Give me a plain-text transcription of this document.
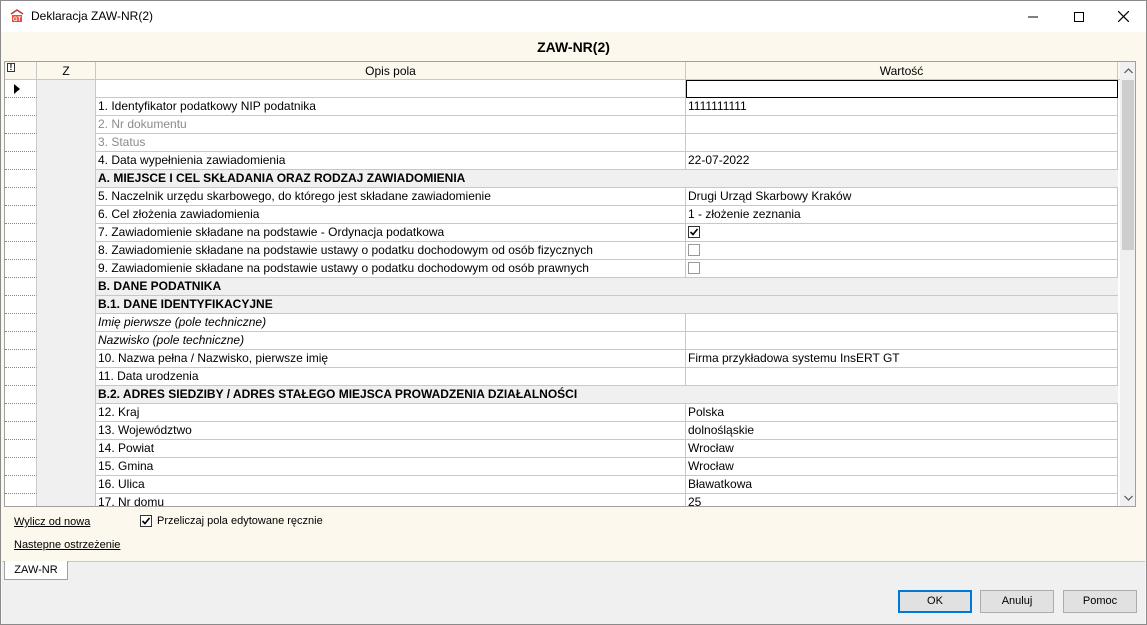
GT Deklaracja ZAW-NR(2)
ZAW-NR(2)
!	Z	Opis pola	Wartość
1. Identyfikator podatkowy NIP podatnika	1111111111
2. Nr dokumentu
3. Status
4. Data wypełnienia zawiadomienia	22-07-2022
A. MIEJSCE I CEL SKŁADANIA ORAZ RODZAJ ZAWIADOMIENIA
5. Naczelnik urzędu skarbowego, do którego jest składane zawiadomienie	Drugi Urząd Skarbowy Kraków
6. Cel złożenia zawiadomienia	1 - złożenie zeznania
7. Zawiadomienie składane na podstawie - Ordynacja podatkowa
8. Zawiadomienie składane na podstawie ustawy o podatku dochodowym od osób fizycznych
9. Zawiadomienie składane na podstawie ustawy o podatku dochodowym od osób prawnych
B. DANE PODATNIKA
B.1. DANE IDENTYFIKACYJNE
Imię pierwsze (pole techniczne)
Nazwisko (pole techniczne)
10. Nazwa pełna / Nazwisko, pierwsze imię	Firma przykładowa systemu InsERT GT
11. Data urodzenia
B.2. ADRES SIEDZIBY / ADRES STAŁEGO MIEJSCA PROWADZENIA DZIAŁALNOŚCI
12. Kraj	Polska
13. Województwo	dolnośląskie
14. Powiat	Wrocław
15. Gmina	Wrocław
16. Ulica	Bławatkowa
17. Nr domu	25
Wylicz od nowa	Przeliczaj pola edytowane ręcznie
Nastepne ostrzeżenie
ZAW-NR
OK	Anuluj	Pomoc
